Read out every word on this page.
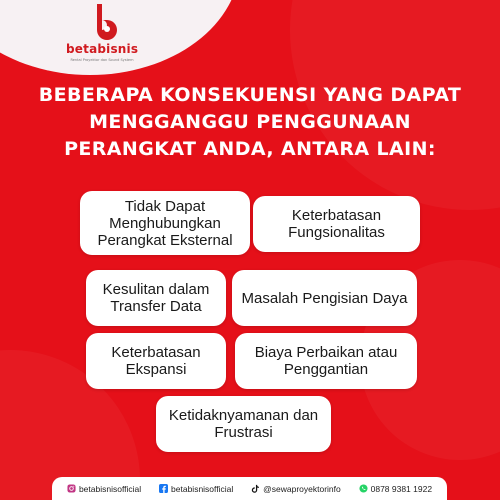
betabisnis
Rental Proyektor dan Sound System
BEBERAPA KONSEKUENSI YANG DAPAT MENGGANGGU PENGGUNAAN PERANGKAT ANDA, ANTARA LAIN:
Tidak Dapat Menghubungkan Perangkat Eksternal
Keterbatasan Fungsionalitas
Kesulitan dalam Transfer Data	Masalah Pengisian Daya
Keterbatasan Ekspansi
Biaya Perbaikan atau Penggantian
Ketidaknyamanan dan Frustrasi
betabisnisofficial	betabisnisofficial	@sewaproyektorinfo	0878 9381 1922
